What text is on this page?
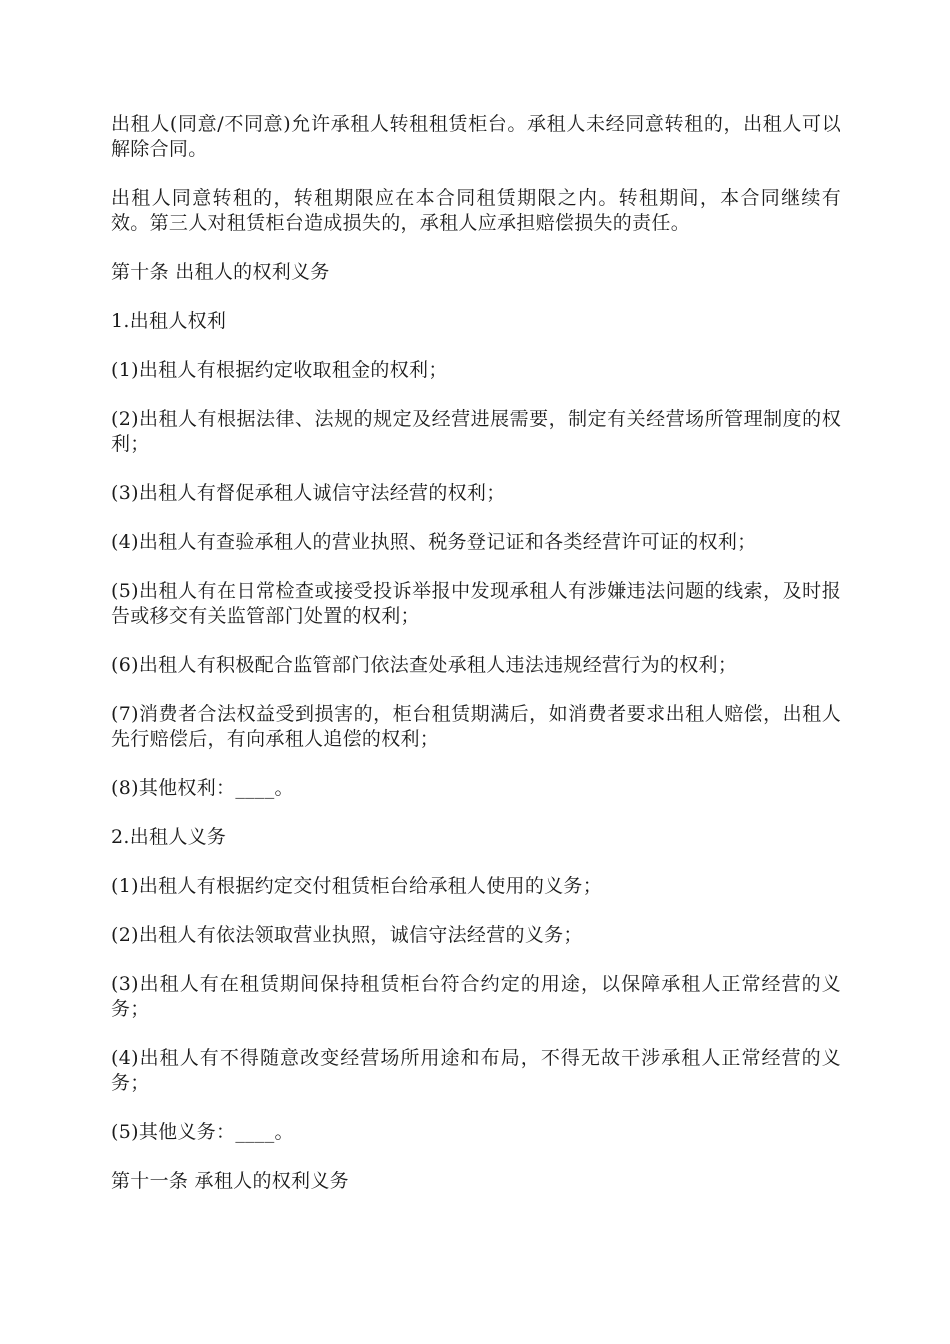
出租人(同意/不同意)允许承租人转租租赁柜台。承租人未经同意转租的，出租人可以解除合同。

出租人同意转租的，转租期限应在本合同租赁期限之内。转租期间，本合同继续有效。第三人对租赁柜台造成损失的，承租人应承担赔偿损失的责任。

第十条 出租人的权利义务

1.出租人权利

(1)出租人有根据约定收取租金的权利；

(2)出租人有根据法律、法规的规定及经营进展需要，制定有关经营场所管理制度的权利；

(3)出租人有督促承租人诚信守法经营的权利；

(4)出租人有查验承租人的营业执照、税务登记证和各类经营许可证的权利；

(5)出租人有在日常检查或接受投诉举报中发现承租人有涉嫌违法问题的线索，及时报告或移交有关监管部门处置的权利；

(6)出租人有积极配合监管部门依法查处承租人违法违规经营行为的权利；

(7)消费者合法权益受到损害的，柜台租赁期满后，如消费者要求出租人赔偿，出租人先行赔偿后，有向承租人追偿的权利；

(8)其他权利：____。

2.出租人义务

(1)出租人有根据约定交付租赁柜台给承租人使用的义务；

(2)出租人有依法领取营业执照，诚信守法经营的义务；

(3)出租人有在租赁期间保持租赁柜台符合约定的用途，以保障承租人正常经营的义务；

(4)出租人有不得随意改变经营场所用途和布局，不得无故干涉承租人正常经营的义务；

(5)其他义务：____。

第十一条 承租人的权利义务
